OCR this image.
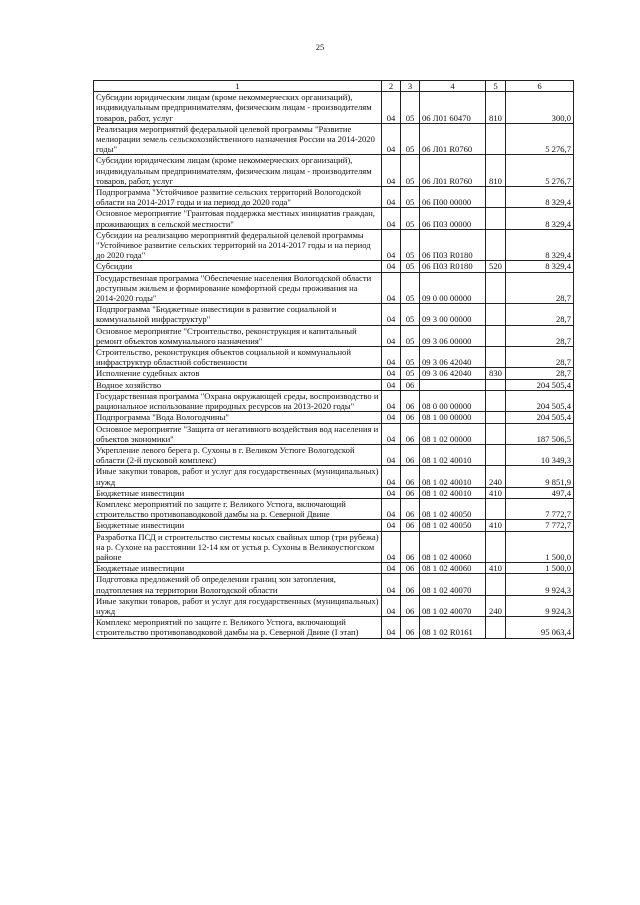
25
1	2	3	4	5	6
Субсидии юридическим лицам (кроме некоммерческих организаций), индивидуальным предпринимателям, физическим лицам - производителям товаров, работ, услуг	04	05	06 Л01 60470	810	300,0
Реализация мероприятий федеральной целевой программы "Развитие мелиорации земель сельскохозяйственного назначения России на 2014-2020 годы"	04	05	06 Л01 R0760		5 276,7
Субсидии юридическим лицам (кроме некоммерческих организаций), индивидуальным предпринимателям, физическим лицам - производителям товаров, работ, услуг	04	05	06 Л01 R0760	810	5 276,7
Подпрограмма "Устойчивое развитие сельских территорий Вологодской области на 2014-2017 годы и на период до 2020 года"	04	05	06 П00 00000		8 329,4
Основное мероприятие "Грантовая поддержка местных инициатив граждан, проживающих в сельской местности"	04	05	06 П03 00000		8 329,4
Субсидии на реализацию мероприятий федеральной целевой программы "Устойчивое развитие сельских территорий на 2014-2017 годы и на период до 2020 года"	04	05	06 П03 R0180		8 329,4
Субсидии	04	05	06 П03 R0180	520	8 329,4
Государственная программа "Обеспечение населения Вологодской области доступным жильем и формирование комфортной среды проживания на 2014-2020 годы"	04	05	09 0 00 00000		28,7
Подпрограмма "Бюджетные инвестиции в развитие социальной и коммунальной инфраструктур"	04	05	09 3 00 00000		28,7
Основное мероприятие "Строительство, реконструкция и капитальный ремонт объектов коммунального назначения"	04	05	09 3 06 00000		28,7
Строительство, реконструкция объектов социальной и коммунальной инфраструктур областной собственности	04	05	09 3 06 42040		28,7
Исполнение судебных актов	04	05	09 3 06 42040	830	28,7
Водное хозяйство	04	06			204 505,4
Государственная программа "Охрана окружающей среды, воспроизводство и рациональное использование природных ресурсов на 2013-2020 годы"	04	06	08 0 00 00000		204 505,4
Подпрограмма "Вода Вологодчины"	04	06	08 1 00 00000		204 505,4
Основное мероприятие "Защита от негативного воздействия вод населения и объектов экономики"	04	06	08 1 02 00000		187 506,5
Укрепление левого берега р. Сухоны в г. Великом Устюге Вологодской области (2-й пусковой комплекс)	04	06	08 1 02 40010		10 349,3
Иные закупки товаров, работ и услуг для государственных (муниципальных) нужд	04	06	08 1 02 40010	240	9 851,9
Бюджетные инвестиции	04	06	08 1 02 40010	410	497,4
Комплекс мероприятий по защите г. Великого Устюга, включающий строительство противопаводковой дамбы на р. Северной Двине	04	06	08 1 02 40050		7 772,7
Бюджетные инвестиции	04	06	08 1 02 40050	410	7 772,7
Разработка ПСД и строительство системы косых свайных шпор (три рубежа) на р. Сухоне на расстоянии 12-14 км от устья р. Сухоны в Великоустюгском районе	04	06	08 1 02 40060		1 500,0
Бюджетные инвестиции	04	06	08 1 02 40060	410	1 500,0
Подготовка предложений об определении границ зон затопления, подтопления на территории Вологодской области	04	06	08 1 02 40070		9 924,3
Иные закупки товаров, работ и услуг для государственных (муниципальных) нужд	04	06	08 1 02 40070	240	9 924,3
Комплекс мероприятий по защите г. Великого Устюга, включающий строительство противопаводковой дамбы на р. Северной Двине (I этап)	04	06	08 1 02 R0161		95 063,4
